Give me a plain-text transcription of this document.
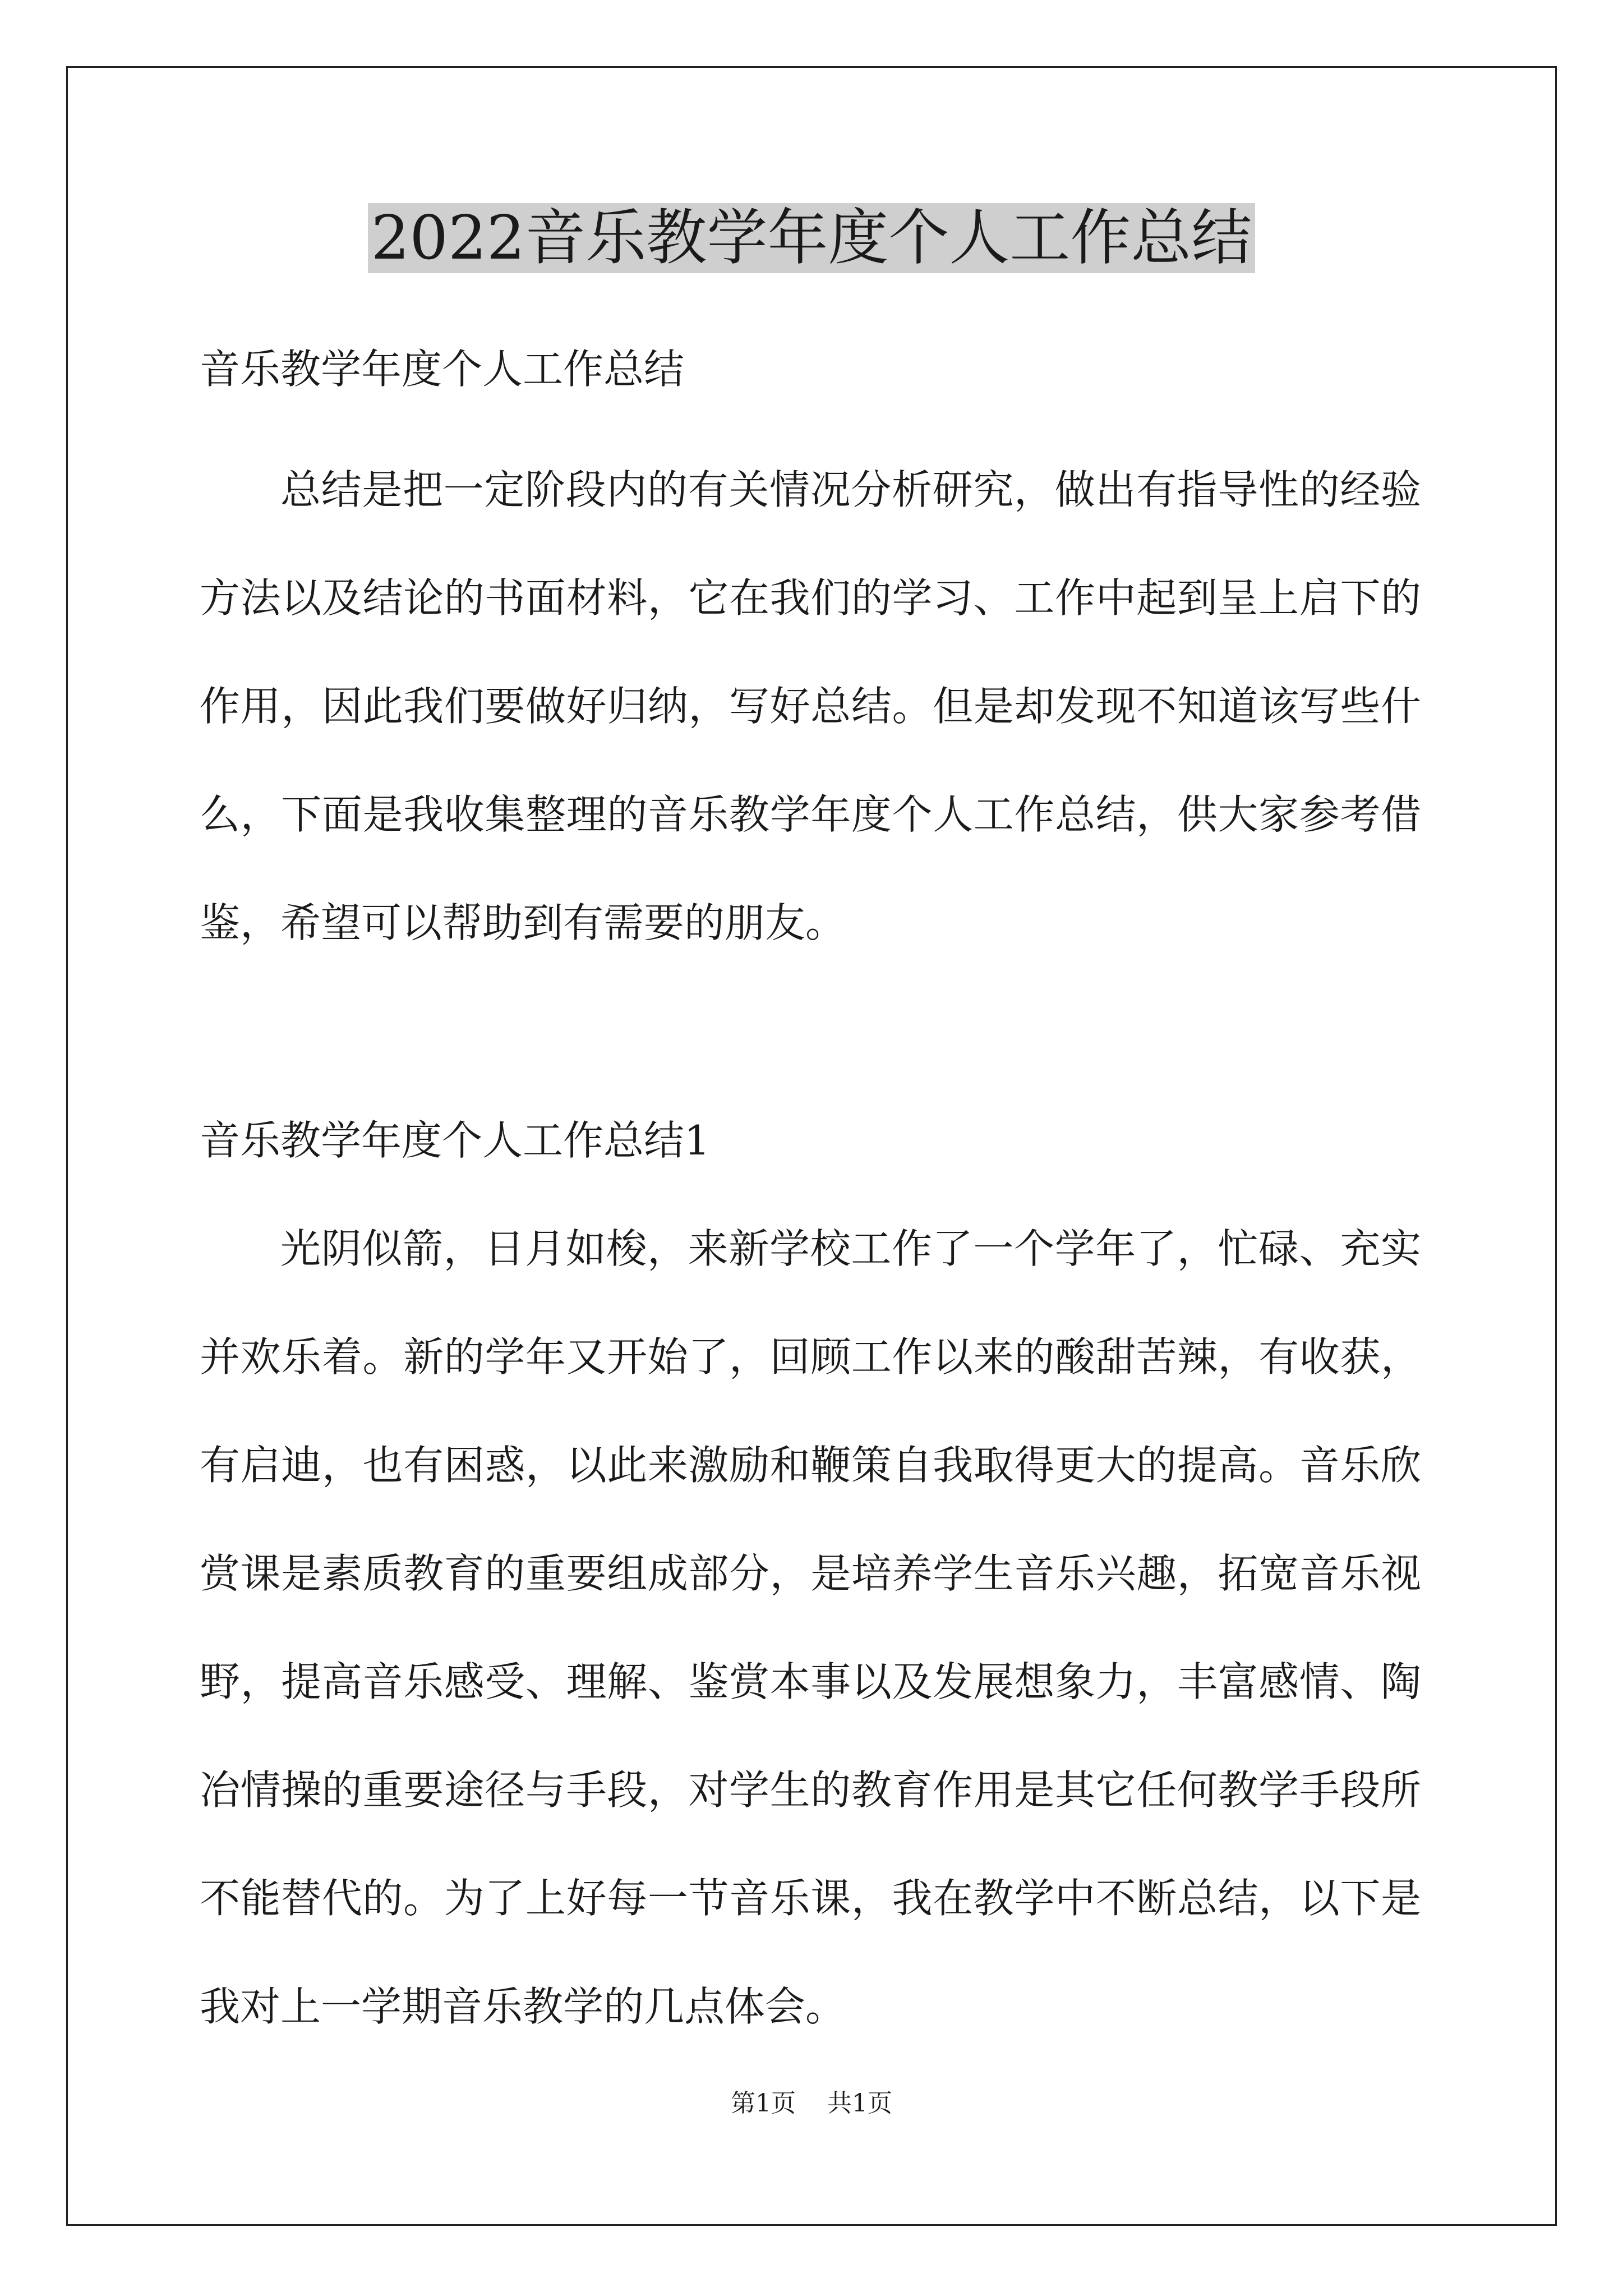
2022音乐教学年度个人工作总结
音乐教学年度个人工作总结
总结是把一定阶段内的有关情况分析研究，做出有指导性的经验
方法以及结论的书面材料，它在我们的学习、工作中起到呈上启下的
作用，因此我们要做好归纳，写好总结。但是却发现不知道该写些什
么，下面是我收集整理的音乐教学年度个人工作总结，供大家参考借
鉴，希望可以帮助到有需要的朋友。
音乐教学年度个人工作总结1
光阴似箭，日月如梭，来新学校工作了一个学年了，忙碌、充实
并欢乐着。新的学年又开始了，回顾工作以来的酸甜苦辣，有收获，
有启迪，也有困惑，以此来激励和鞭策自我取得更大的提高。音乐欣
赏课是素质教育的重要组成部分，是培养学生音乐兴趣，拓宽音乐视
野，提高音乐感受、理解、鉴赏本事以及发展想象力，丰富感情、陶
冶情操的重要途径与手段，对学生的教育作用是其它任何教学手段所
不能替代的。为了上好每一节音乐课，我在教学中不断总结，以下是
我对上一学期音乐教学的几点体会。
第1页 共1页
